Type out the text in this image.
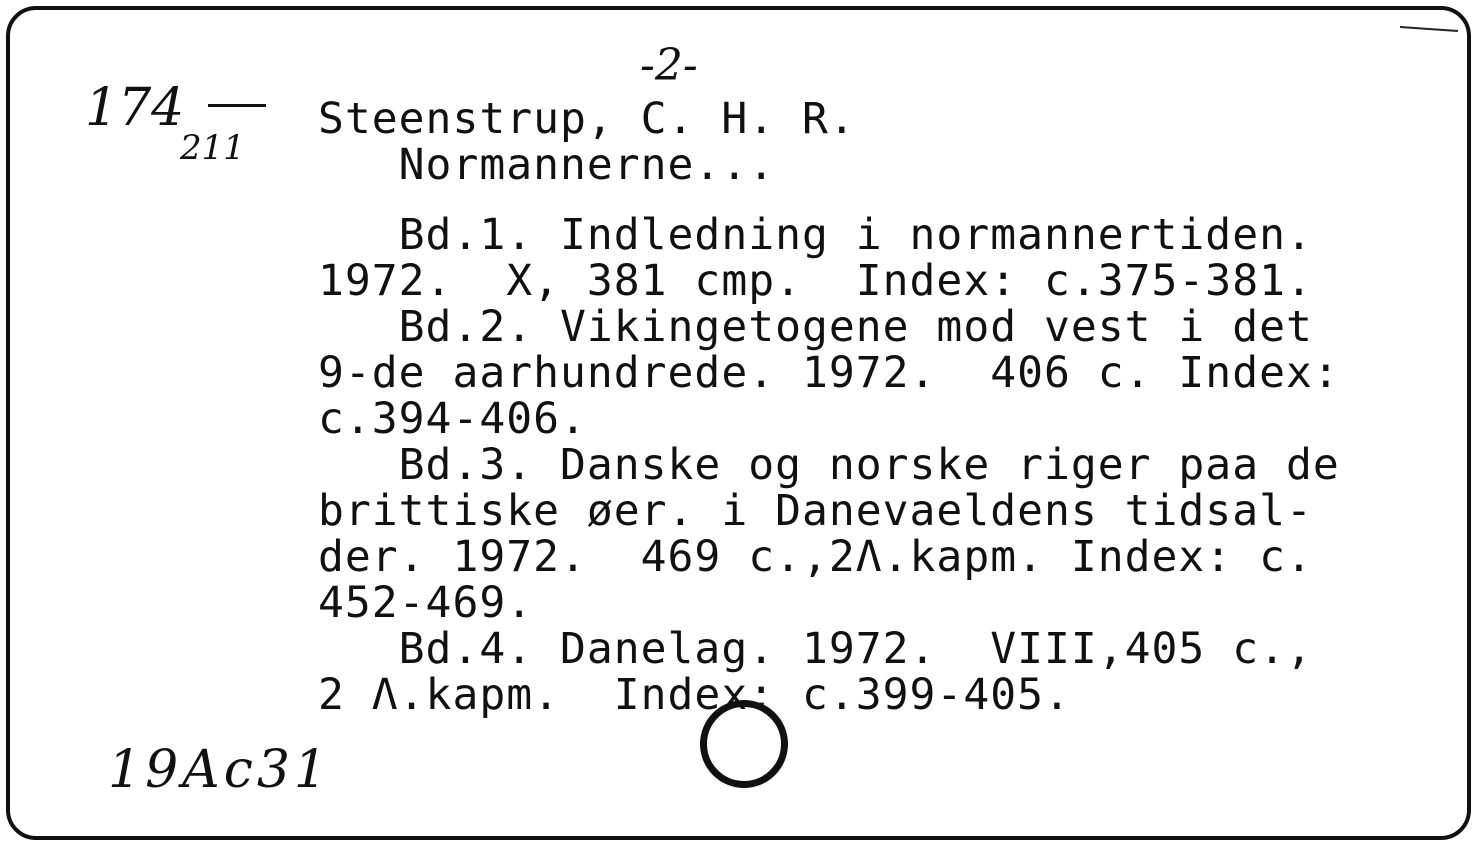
-2-
174
211
Steenstrup, C. H. R.
Normannerne...
Bd.1. Indledning i normannertiden.
1972.  X, 381 cmp.  Index: c.375-381.
Bd.2. Vikingetogene mod vest i det
9-de aarhundrede. 1972.  406 c. Index:
c.394-406.
Bd.3. Danske og norske riger paa de
brittiske øer. i Danevaeldens tidsal-
der. 1972.  469 c.,2Λ.kapm. Index: c.
452-469.
Bd.4. Danelag. 1972.  VIII,405 c.,
2 Λ.kapm.  Index: c.399-405.
19Ac31
